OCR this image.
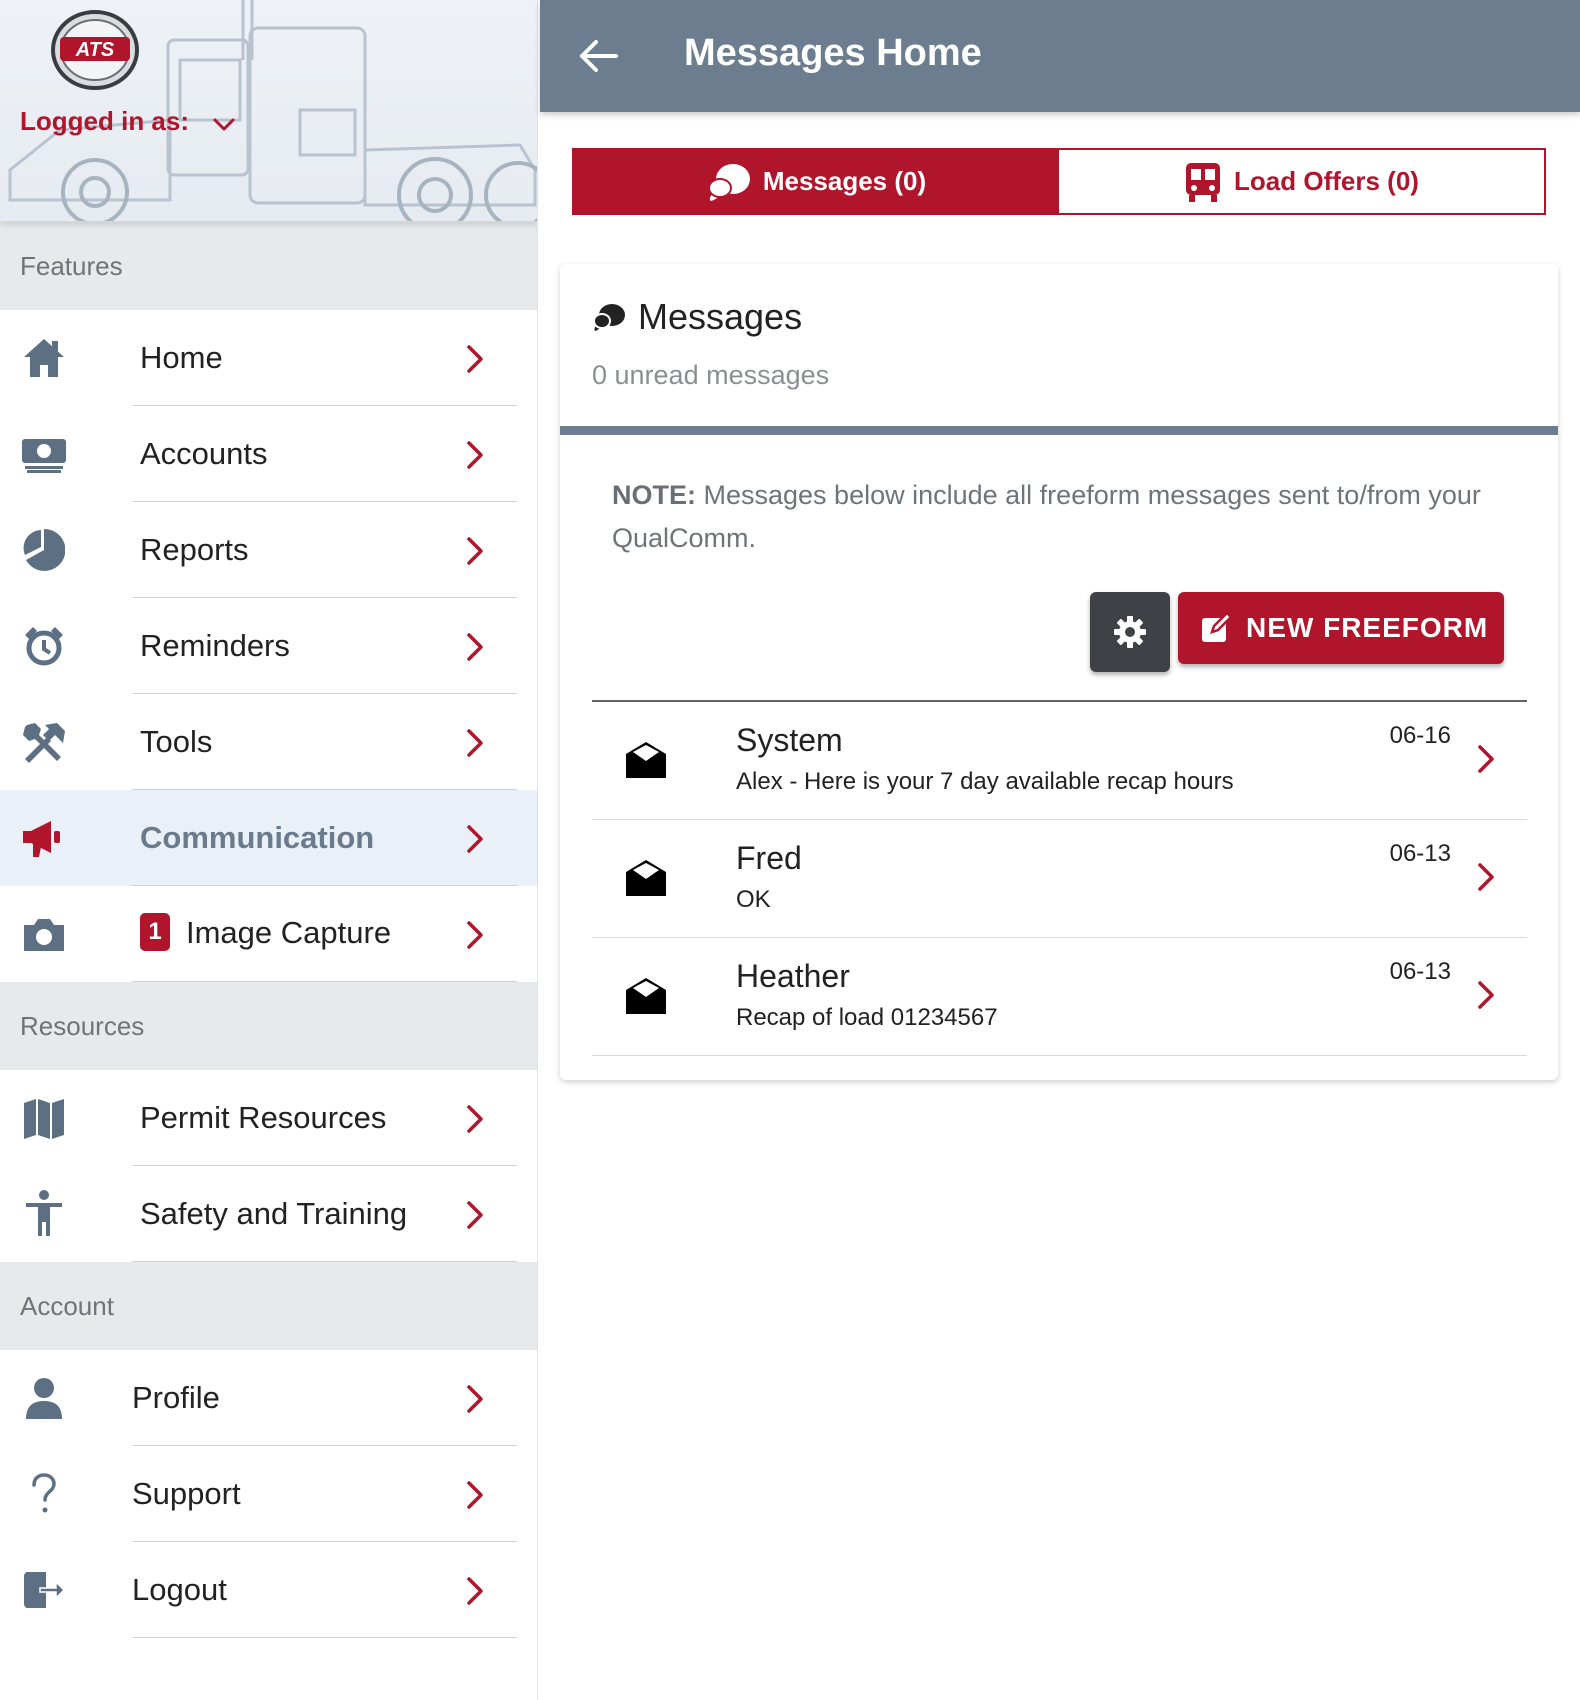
ATS
Logged in as:
Features
Home
Accounts
Reports
Reminders
Tools
Communication
1 Image Capture
Resources
Permit Resources
Safety and Training
Account
Profile
Support
Logout
Messages Home
Messages (0)	Load Offers (0)
Messages
0 unread messages
NOTE: Messages below include all freeform messages sent to/from your QualComm.
NEW FREEFORM
System
Alex - Here is your 7 day available recap hours
06-16
Fred
OK
06-13
Heather
Recap of load 01234567
06-13
